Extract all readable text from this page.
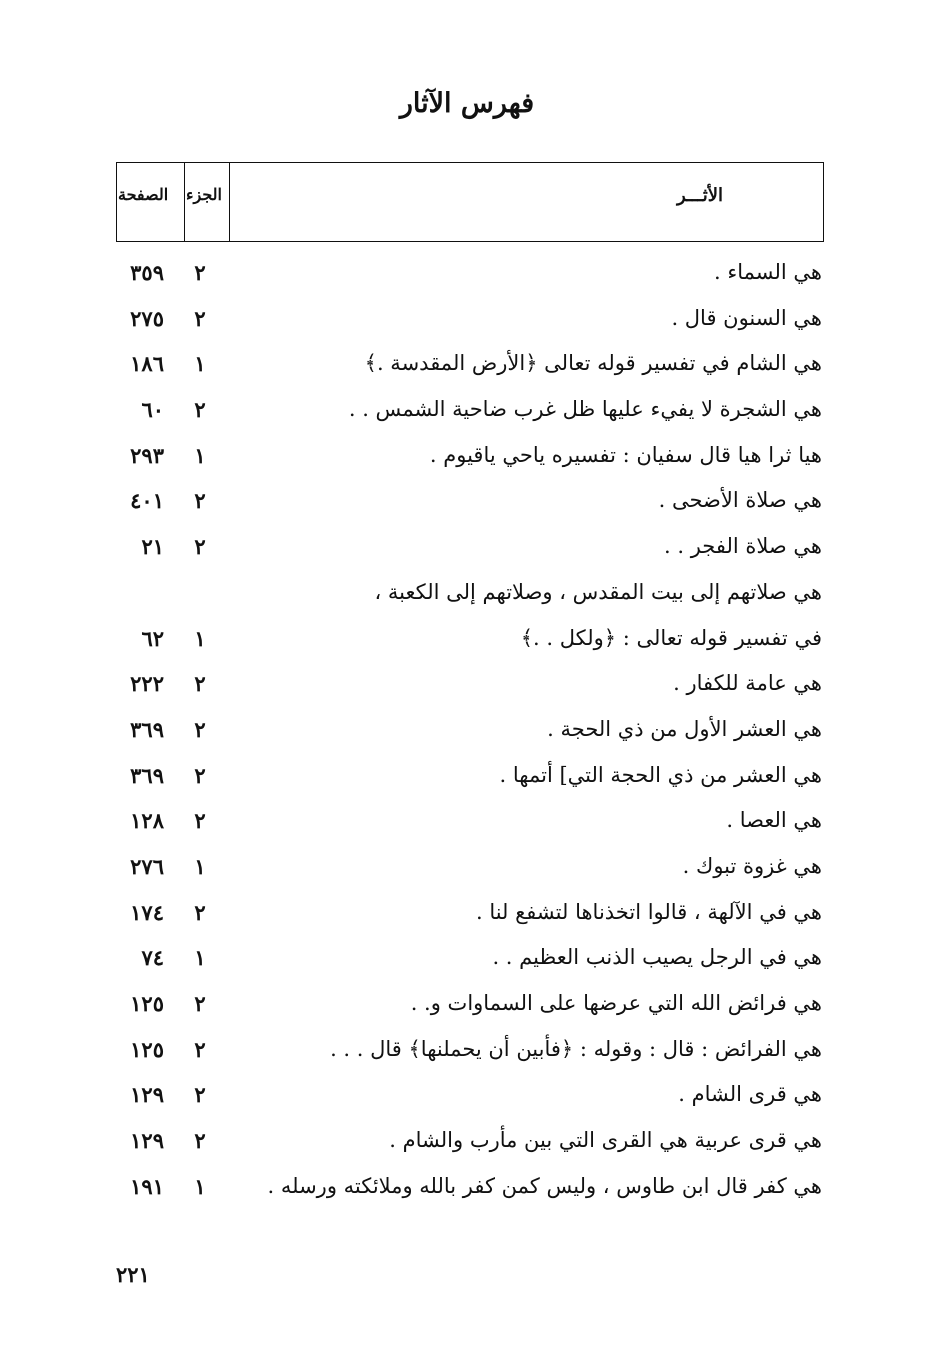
فهرس الآثار
الصفحة الجزء	الأثـــر
هي السماء .
٢
٣٥٩
هي السنون قال .
٢
٢٧٥
هي الشام في تفسير قوله تعالى ﴿الأرض المقدسة .﴾
١
١٨٦
هي الشجرة لا يفيء عليها ظل غرب ضاحية الشمس . .
٢
٦٠
هيا ثرا هيا قال سفيان : تفسيره ياحي ياقيوم .
١
٢٩٣
هي صلاة الأضحى .
٢
٤٠١
هي صلاة الفجر . .
٢
٢١
هي صلاتهم إلى بيت المقدس ، وصلاتهم إلى الكعبة ،
في تفسير قوله تعالى : ﴿ولكل . .﴾
١
٦٢
هي عامة للكفار .
٢
٢٢٢
هي العشر الأول من ذي الحجة .
٢
٣٦٩
هي العشر من ذي الحجة التي] أتمها .
٢
٣٦٩
هي العصا .
٢
١٢٨
هي غزوة تبوك .
١
٢٧٦
هي في الآلهة ، قالوا اتخذناها لتشفع لنا .
٢
١٧٤
هي في الرجل يصيب الذنب العظيم . .
١
٧٤
هي فرائض الله التي عرضها على السماوات و. .
٢
١٢٥
هي الفرائض : قال : وقوله : ﴿فأبين أن يحملنها﴾ قال . . .
٢
١٢٥
هي قرى الشام .
٢
١٢٩
هي قرى عربية هي القرى التي بين مأرب والشام .
٢
١٢٩
هي كفر قال ابن طاوس ، وليس كمن كفر بالله وملائكته ورسله .
١
١٩١
٢٢١
